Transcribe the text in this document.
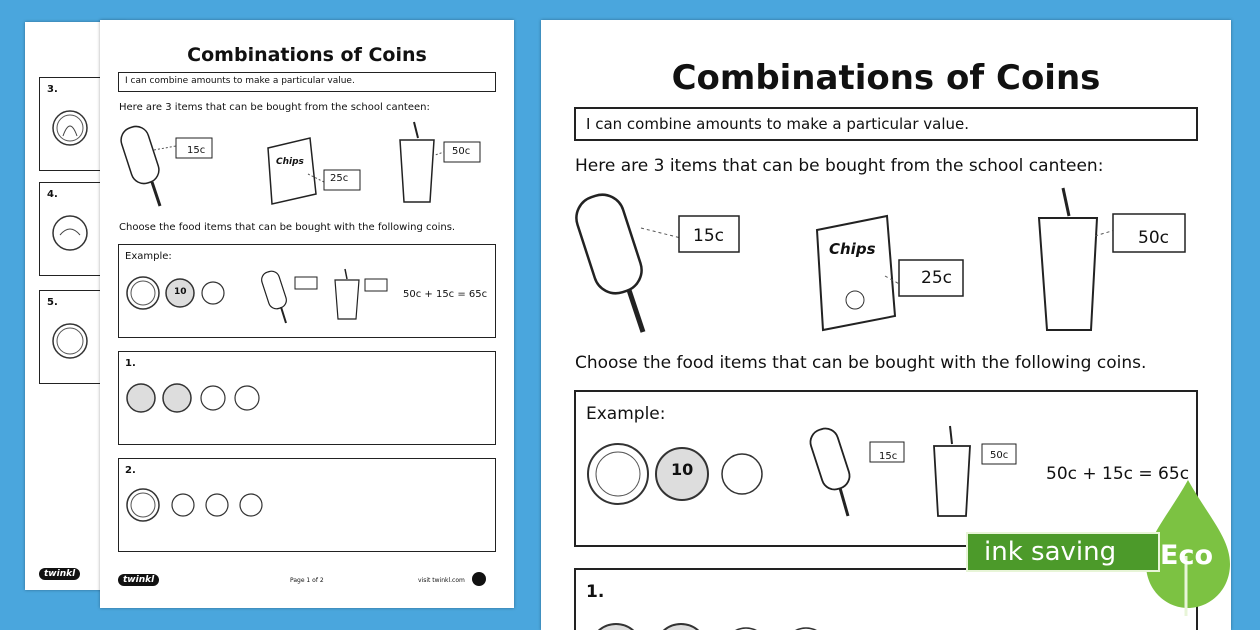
3.
4.
5.
twinkl
Combinations of Coins
I can combine amounts to make a particular value.
Here are 3 items that can be bought from the school canteen:
15c
Chips
25c
50c
Choose the food items that can be bought with the following coins.
Example:
10	50c + 15c = 65c
1.
2.
twinkl	Page 1 of 2	visit twinkl.com
Combinations of Coins
I can combine amounts to make a particular value.
Here are 3 items that can be bought from the school canteen:
15c
Chips
25c
50c
Choose the food items that can be bought with the following coins.
Example:
10
15c	50c
50c + 15c = 65c
1.
ink saving Eco
